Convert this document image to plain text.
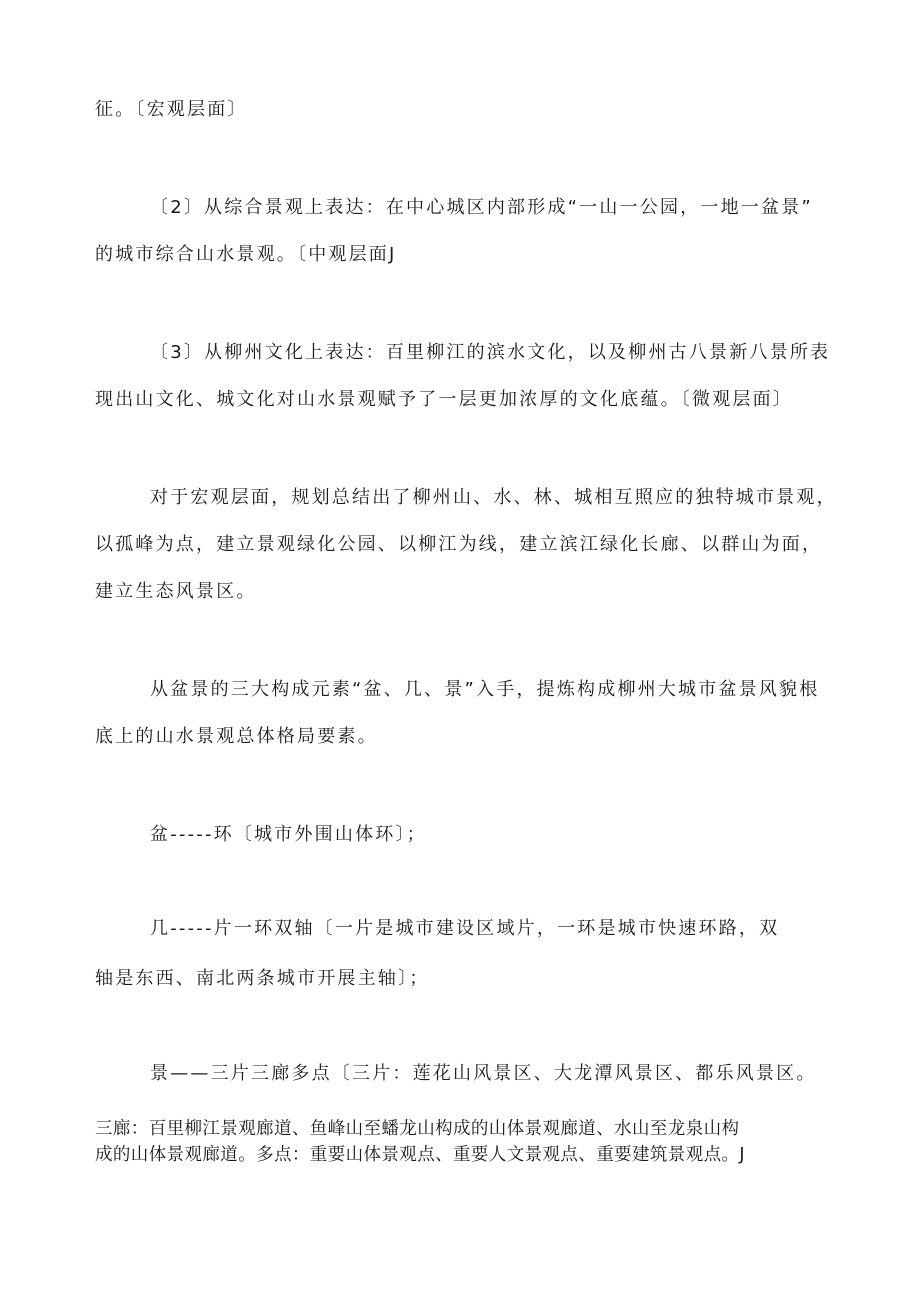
征。〔宏观层面〕
〔2〕从综合景观上表达：在中心城区内部形成“一山一公园，一地一盆景”
的城市综合山水景观。〔中观层面J
〔3〕从柳州文化上表达：百里柳江的滨水文化，以及柳州古八景新八景所表
现出山文化、城文化对山水景观赋予了一层更加浓厚的文化底蕴。〔微观层面〕
对于宏观层面，规划总结出了柳州山、水、林、城相互照应的独特城市景观，
以孤峰为点，建立景观绿化公园、以柳江为线，建立滨江绿化长廊、以群山为面，
建立生态风景区。
从盆景的三大构成元素“盆、几、景”入手，提炼构成柳州大城市盆景风貌根
底上的山水景观总体格局要素。
盆-----环〔城市外围山体环〕；
几-----片一环双轴〔一片是城市建设区域片，一环是城市快速环路，双
轴是东西、南北两条城市开展主轴〕；
景——三片三廊多点〔三片：莲花山风景区、大龙潭风景区、都乐风景区。
三廊：百里柳江景观廊道、鱼峰山至蟠龙山构成的山体景观廊道、水山至龙泉山构
成的山体景观廊道。多点：重要山体景观点、重要人文景观点、重要建筑景观点。J
